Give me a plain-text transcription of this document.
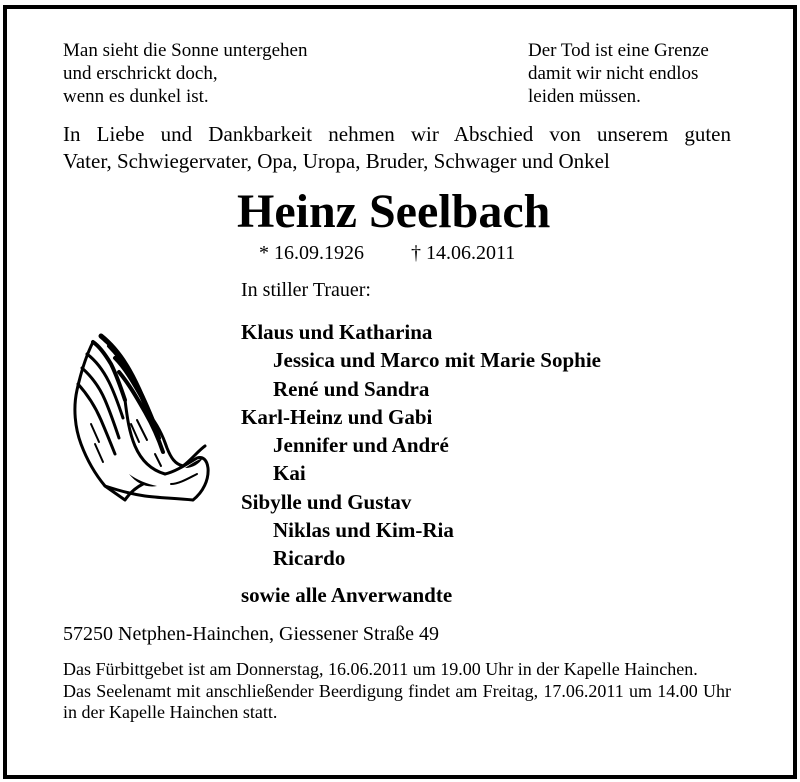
Man sieht die Sonne untergehen
und erschrickt doch,
wenn es dunkel ist.
Der Tod ist eine Grenze
damit wir nicht endlos
leiden müssen.
In Liebe und Dankbarkeit nehmen wir Abschied von unserem guten
Vater, Schwiegervater, Opa, Uropa, Bruder, Schwager und Onkel
Heinz Seelbach
* 16.09.1926 † 14.06.2011
In stiller Trauer:
Klaus und Katharina
Jessica und Marco mit Marie Sophie
René und Sandra
Karl-Heinz und Gabi
Jennifer und André
Kai
Sibylle und Gustav
Niklas und Kim-Ria
Ricardo
sowie alle Anverwandte
57250 Netphen-Hainchen, Giessener Straße 49
Das Fürbittgebet ist am Donnerstag, 16.06.2011 um 19.00 Uhr in der Kapelle Hainchen.
Das Seelenamt mit anschließender Beerdigung findet am Freitag, 17.06.2011 um 14.00 Uhr in der Kapelle Hainchen statt.
